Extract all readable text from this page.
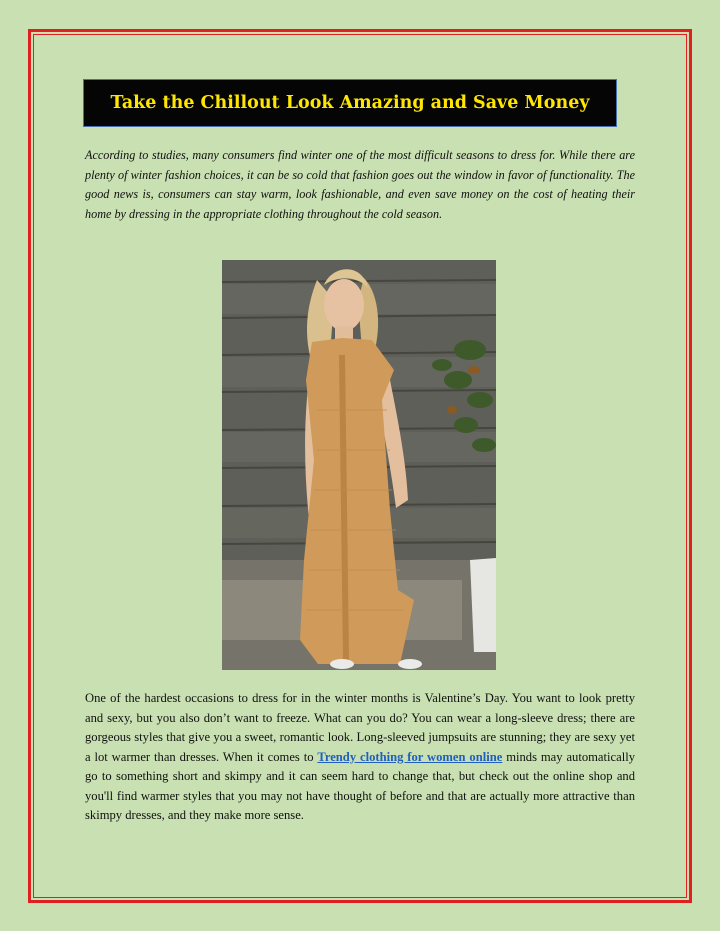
Take the Chillout Look Amazing and Save Money

According to studies, many consumers find winter one of the most difficult seasons to dress for. While there are plenty of winter fashion choices, it can be so cold that fashion goes out the window in favor of functionality. The good news is, consumers can stay warm, look fashionable, and even save money on the cost of heating their home by dressing in the appropriate clothing throughout the cold season.

One of the hardest occasions to dress for in the winter months is Valentine’s Day. You want to look pretty and sexy, but you also don’t want to freeze. What can you do? You can wear a long-sleeve dress; there are gorgeous styles that give you a sweet, romantic look. Long-sleeved jumpsuits are stunning; they are sexy yet a lot warmer than dresses. When it comes to Trendy clothing for women online minds may automatically go to something short and skimpy and it can seem hard to change that, but check out the online shop and you'll find warmer styles that you may not have thought of before and that are actually more attractive than skimpy dresses, and they make more sense.
